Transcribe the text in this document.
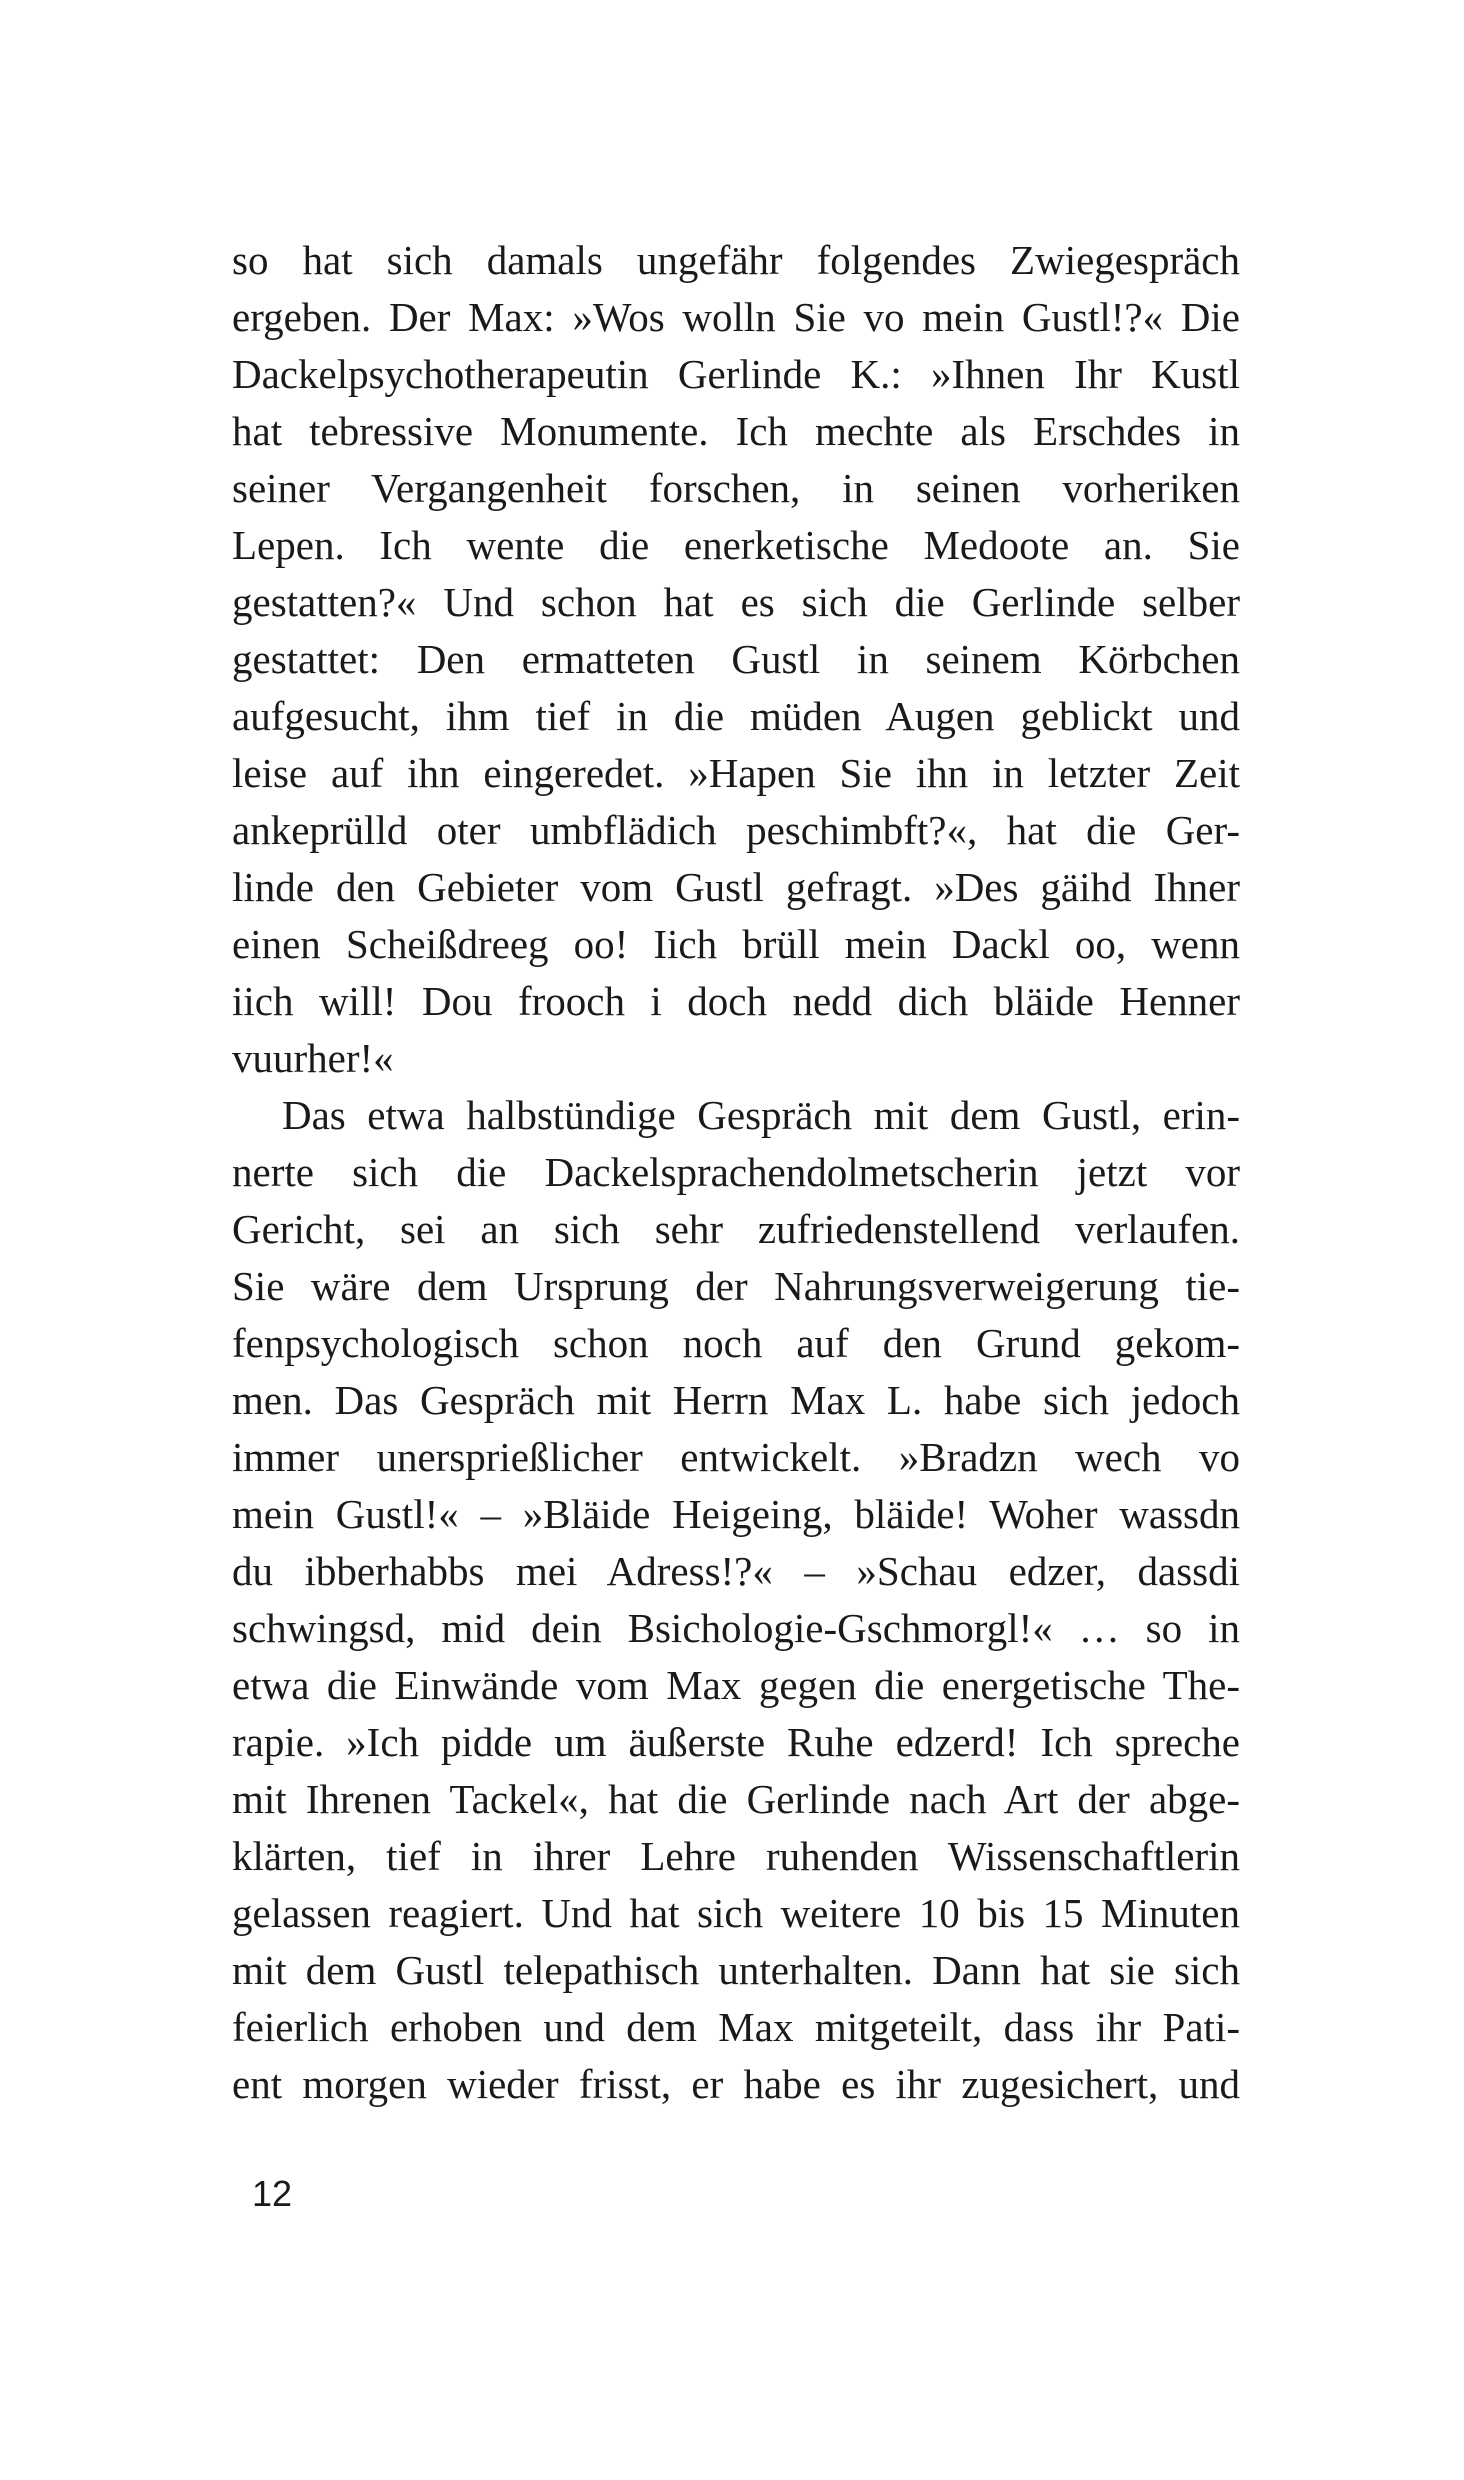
so hat sich damals ungefähr folgendes Zwiegespräch
ergeben. Der Max: »Wos wolln Sie vo mein Gustl!?« Die
Dackelpsychotherapeutin Gerlinde K.: »Ihnen Ihr Kustl
hat tebressive Monumente. Ich mechte als Erschdes in
seiner Vergangenheit forschen, in seinen vorheriken
Lepen. Ich wente die enerketische Medoote an. Sie
gestatten?« Und schon hat es sich die Gerlinde selber
gestattet: Den ermatteten Gustl in seinem Körbchen
aufgesucht, ihm tief in die müden Augen geblickt und
leise auf ihn eingeredet. »Hapen Sie ihn in letzter Zeit
ankeprülld oter umbflädich peschimbft?«, hat die Ger-
linde den Gebieter vom Gustl gefragt. »Des gäihd Ihner
einen Scheißdreeg oo! Iich brüll mein Dackl oo, wenn
iich will! Dou frooch i doch nedd dich bläide Henner
vuurher!«
Das etwa halbstündige Gespräch mit dem Gustl, erin-
nerte sich die Dackelsprachendolmetscherin jetzt vor
Gericht, sei an sich sehr zufriedenstellend verlaufen.
Sie wäre dem Ursprung der Nahrungsverweigerung tie-
fenpsychologisch schon noch auf den Grund gekom-
men. Das Gespräch mit Herrn Max L. habe sich jedoch
immer unersprießlicher entwickelt. »Bradzn wech vo
mein Gustl!« – »Bläide Heigeing, bläide! Woher wassdn
du ibberhabbs mei Adress!?« – »Schau edzer, dassdi
schwingsd, mid dein Bsichologie-Gschmorgl!« … so in
etwa die Einwände vom Max gegen die energetische The-
rapie. »Ich pidde um äußerste Ruhe edzerd! Ich spreche
mit Ihrenen Tackel«, hat die Gerlinde nach Art der abge-
klärten, tief in ihrer Lehre ruhenden Wissenschaftlerin
gelassen reagiert. Und hat sich weitere 10 bis 15 Minuten
mit dem Gustl telepathisch unterhalten. Dann hat sie sich
feierlich erhoben und dem Max mitgeteilt, dass ihr Pati-
ent morgen wieder frisst, er habe es ihr zugesichert, und
12
